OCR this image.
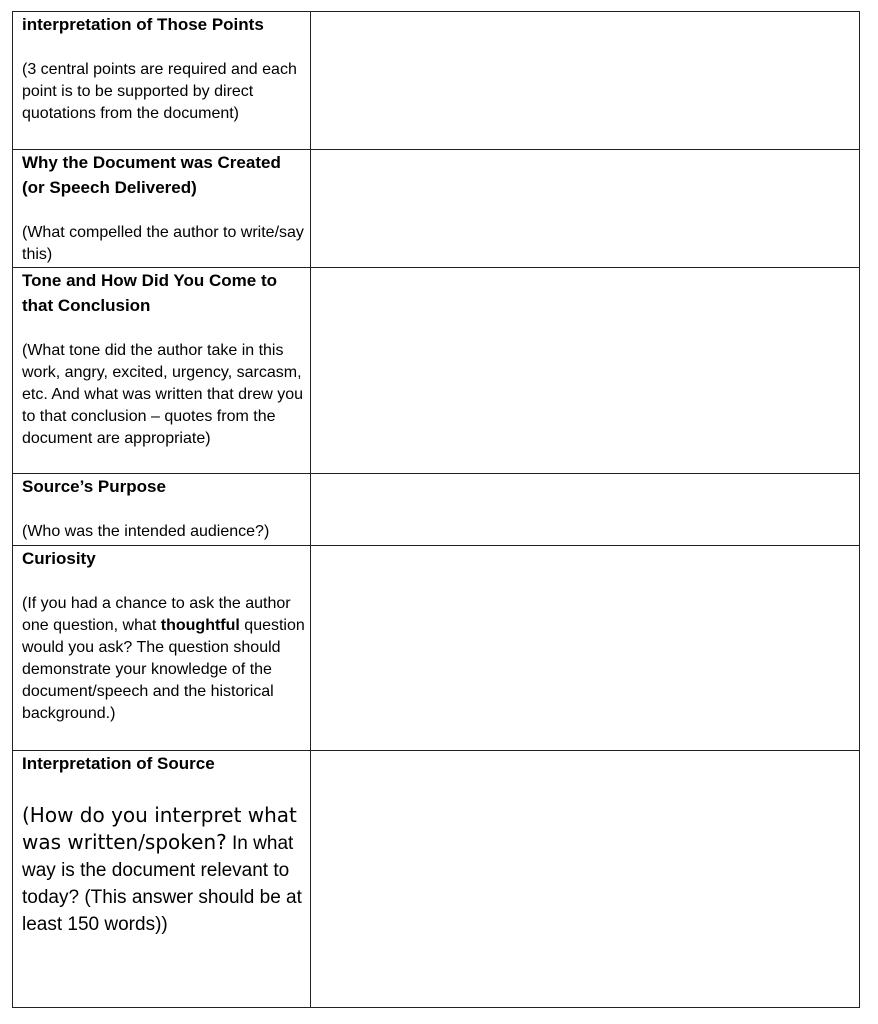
interpretation of Those Points

(3 central points are required and each point is to be supported by direct quotations from the document)	

Why the Document was Created (or Speech Delivered)

(What compelled the author to write/say this)	

Tone and How Did You Come to that Conclusion

(What tone did the author take in this work, angry, excited, urgency, sarcasm, etc. And what was written that drew you to that conclusion – quotes from the document are appropriate)	

Source’s Purpose

(Who was the intended audience?)	

Curiosity

(If you had a chance to ask the author one question, what thoughtful question would you ask? The question should demonstrate your knowledge of the document/speech and the historical background.)	

Interpretation of Source

(How do you interpret what was written/spoken? In what way is the document relevant to today? (This answer should be at least 150 words))	
